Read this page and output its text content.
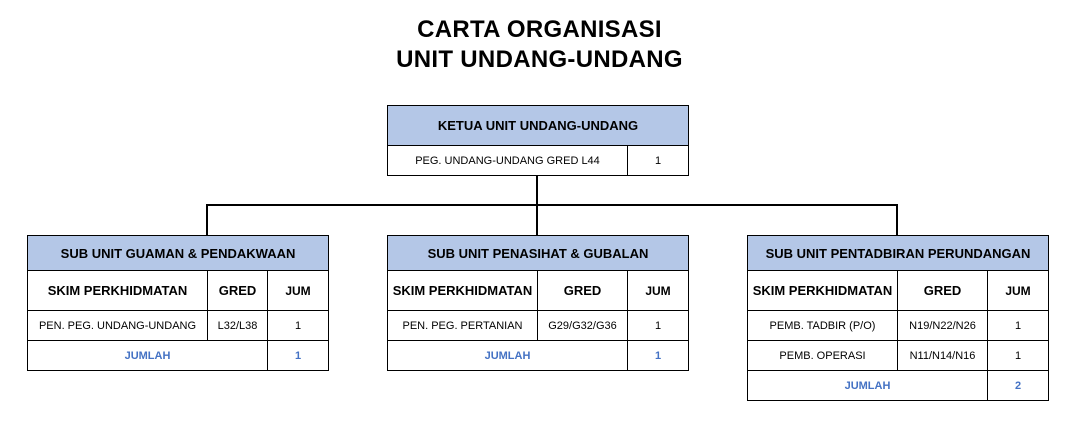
CARTA ORGANISASI
UNIT UNDANG-UNDANG
KETUA UNIT UNDANG-UNDANG
PEG. UNDANG-UNDANG GRED L44	1
SUB UNIT GUAMAN & PENDAKWAAN		
SKIM PERKHIDMATAN	GRED	JUM
PEN. PEG. UNDANG-UNDANG	L32/L38	1
JUMLAH		1
SUB UNIT PENASIHAT & GUBALAN		
SKIM PERKHIDMATAN	GRED	JUM
PEN. PEG. PERTANIAN	G29/G32/G36	1
JUMLAH		1
SUB UNIT PENTADBIRAN PERUNDANGAN		
SKIM PERKHIDMATAN	GRED	JUM
PEMB. TADBIR (P/O)	N19/N22/N26	1
PEMB. OPERASI	N11/N14/N16	1
JUMLAH		2
